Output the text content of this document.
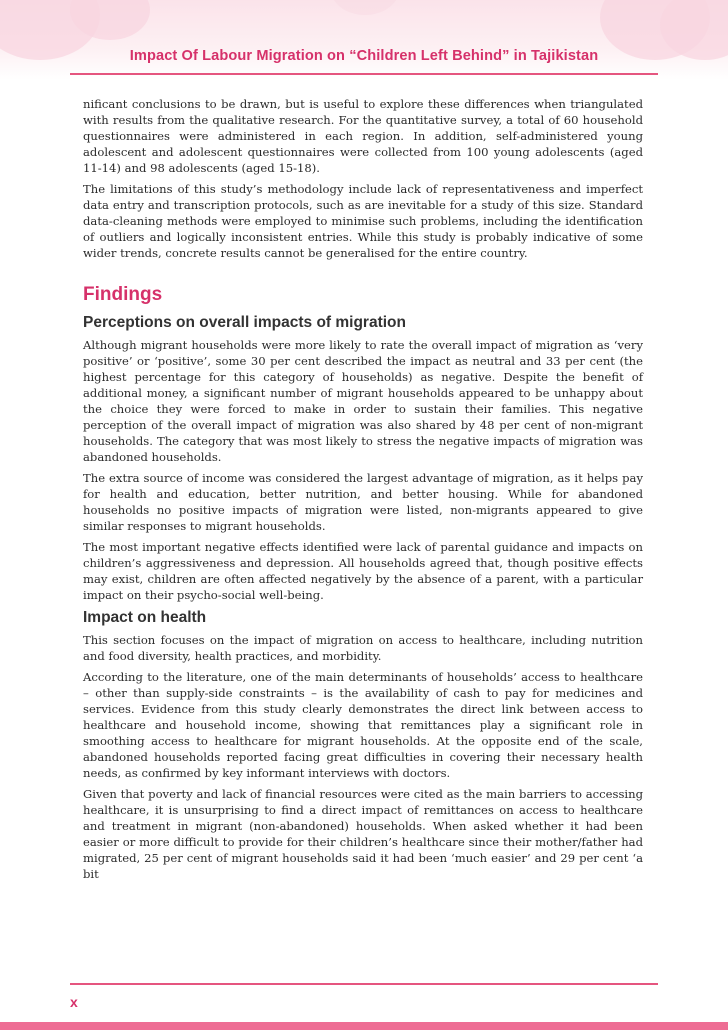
Impact Of Labour Migration on “Children Left Behind” in Tajikistan

nificant conclusions to be drawn, but is useful to explore these differences when triangulated with results from the qualitative research. For the quantitative survey, a total of 60 household questionnaires were administered in each region. In addition, self-administered young adolescent and adolescent questionnaires were collected from 100 young adolescents (aged 11-14) and 98 adolescents (aged 15-18).

The limitations of this study’s methodology include lack of representativeness and imperfect data entry and transcription protocols, such as are inevitable for a study of this size. Standard data-cleaning methods were employed to minimise such problems, including the identification of outliers and logically inconsistent entries. While this study is probably indicative of some wider trends, concrete results cannot be generalised for the entire country.

Findings
Perceptions on overall impacts of migration

Although migrant households were more likely to rate the overall impact of migration as ‘very positive’ or ‘positive’, some 30 per cent described the impact as neutral and 33 per cent (the highest percentage for this category of households) as negative. Despite the benefit of additional money, a significant number of migrant households appeared to be unhappy about the choice they were forced to make in order to sustain their families. This negative perception of the overall impact of migration was also shared by 48 per cent of non-migrant households. The category that was most likely to stress the negative impacts of migration was abandoned households.

The extra source of income was considered the largest advantage of migration, as it helps pay for health and education, better nutrition, and better housing. While for abandoned households no positive impacts of migration were listed, non-migrants appeared to give similar responses to migrant households.

The most important negative effects identified were lack of parental guidance and impacts on children’s aggressiveness and depression. All households agreed that, though positive effects may exist, children are often affected negatively by the absence of a parent, with a particular impact on their psycho-social well-being.

Impact on health

This section focuses on the impact of migration on access to healthcare, including nutrition and food diversity, health practices, and morbidity.

According to the literature, one of the main determinants of households’ access to healthcare – other than supply-side constraints – is the availability of cash to pay for medicines and services. Evidence from this study clearly demonstrates the direct link between access to healthcare and household income, showing that remittances play a significant role in smoothing access to healthcare for migrant households. At the opposite end of the scale, abandoned households reported facing great difficulties in covering their necessary health needs, as confirmed by key informant interviews with doctors.

Given that poverty and lack of financial resources were cited as the main barriers to accessing healthcare, it is unsurprising to find a direct impact of remittances on access to healthcare and treatment in migrant (non-abandoned) households. When asked whether it had been easier or more difficult to provide for their children’s healthcare since their mother/father had migrated, 25 per cent of migrant households said it had been ‘much easier’ and 29 per cent ‘a bit

x
